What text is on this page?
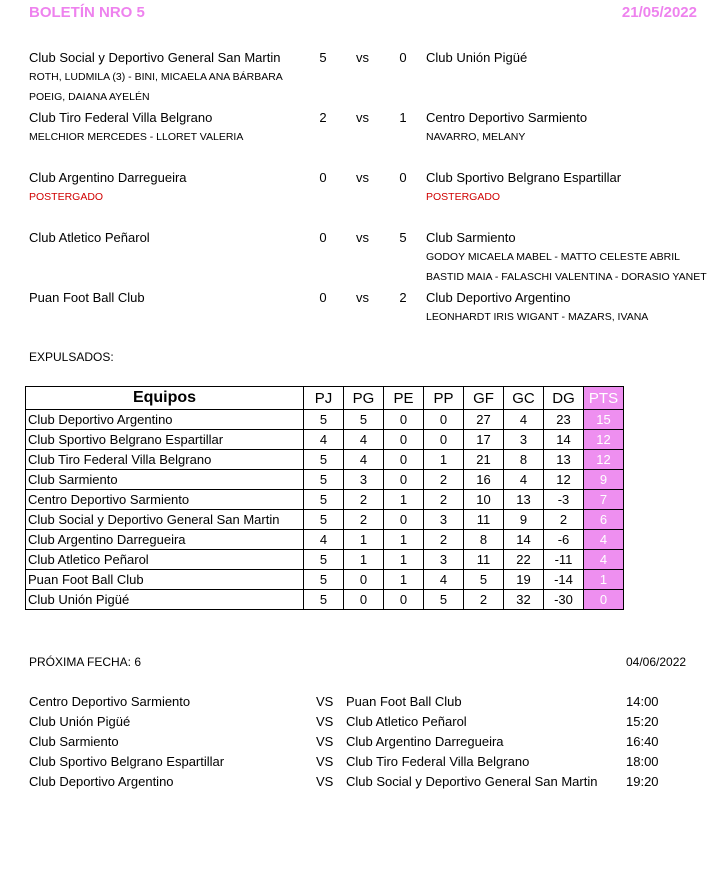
BOLETÍN NRO 5	21/05/2022
Club Social y Deportivo General San Martin	5 vs 0 Club Unión Pigüé
ROTH, LUDMILA (3) - BINI, MICAELA ANA BÁRBARA
POEIG, DAIANA AYELÉN
Club Tiro Federal Villa Belgrano	2 vs 1 Centro Deportivo Sarmiento
MELCHIOR MERCEDES - LLORET VALERIA	NAVARRO, MELANY
Club Argentino Darregueira	0 vs 0 Club Sportivo Belgrano Espartillar
POSTERGADO	POSTERGADO
Club Atletico Peñarol	0 vs 5 Club Sarmiento
GODOY MICAELA MABEL - MATTO CELESTE ABRIL
BASTID MAIA - FALASCHI VALENTINA - DORASIO YANET
Puan Foot Ball Club	0 vs 2 Club Deportivo Argentino
LEONHARDT IRIS WIGANT - MAZARS, IVANA
EXPULSADOS:
Equipos	PJ	PG	PE	PP	GF	GC	DG	PTS
Club Deportivo Argentino	5	5	0	0	27	4	23	15
Club Sportivo Belgrano Espartillar	4	4	0	0	17	3	14	12
Club Tiro Federal Villa Belgrano	5	4	0	1	21	8	13	12
Club Sarmiento	5	3	0	2	16	4	12	9
Centro Deportivo Sarmiento	5	2	1	2	10	13	-3	7
Club Social y Deportivo General San Martin	5	2	0	3	11	9	2	6
Club Argentino Darregueira	4	1	1	2	8	14	-6	4
Club Atletico Peñarol	5	1	1	3	11	22	-11	4
Puan Foot Ball Club	5	0	1	4	5	19	-14	1
Club Unión Pigüé	5	0	0	5	2	32	-30	0
PRÓXIMA FECHA: 6	04/06/2022
Centro Deportivo Sarmiento	VS Puan Foot Ball Club	14:00
Club Unión Pigüé	VS Club Atletico Peñarol	15:20
Club Sarmiento	VS Club Argentino Darregueira	16:40
Club Sportivo Belgrano Espartillar	VS Club Tiro Federal Villa Belgrano	18:00
Club Deportivo Argentino	VS Club Social y Deportivo General San Martin 19:20
